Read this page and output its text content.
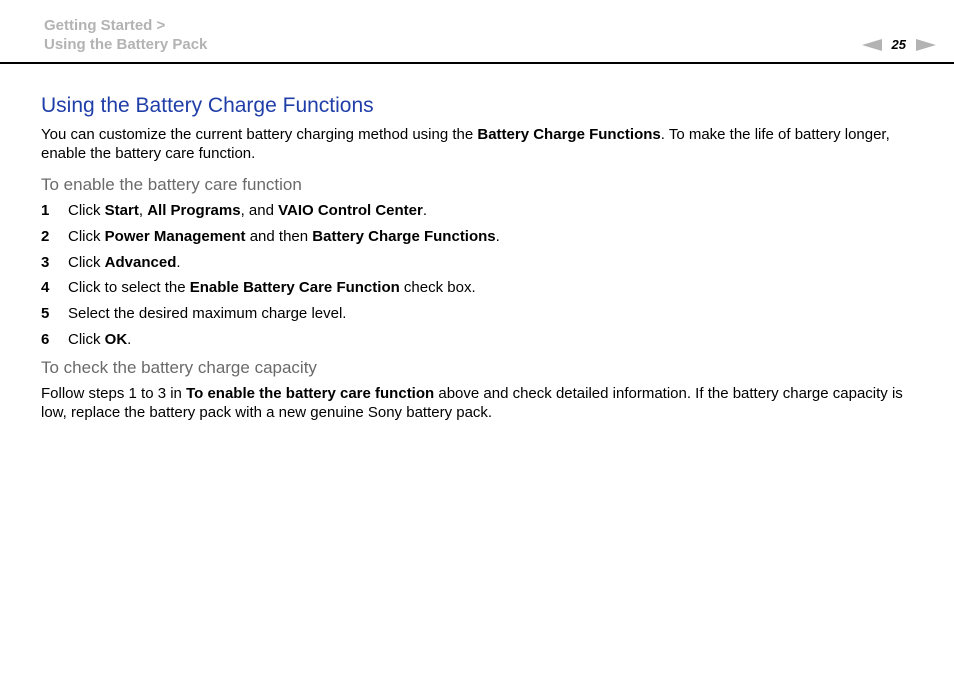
Getting Started >
Using the Battery Pack	25
Using the Battery Charge Functions

You can customize the current battery charging method using the Battery Charge Functions. To make the life of battery longer, enable the battery care function.

To enable the battery care function
1	Click Start, All Programs, and VAIO Control Center.
2	Click Power Management and then Battery Charge Functions.
3	Click Advanced.
4	Click to select the Enable Battery Care Function check box.
5	Select the desired maximum charge level.
6	Click OK.
To check the battery charge capacity

Follow steps 1 to 3 in To enable the battery care function above and check detailed information. If the battery charge capacity is low, replace the battery pack with a new genuine Sony battery pack.
